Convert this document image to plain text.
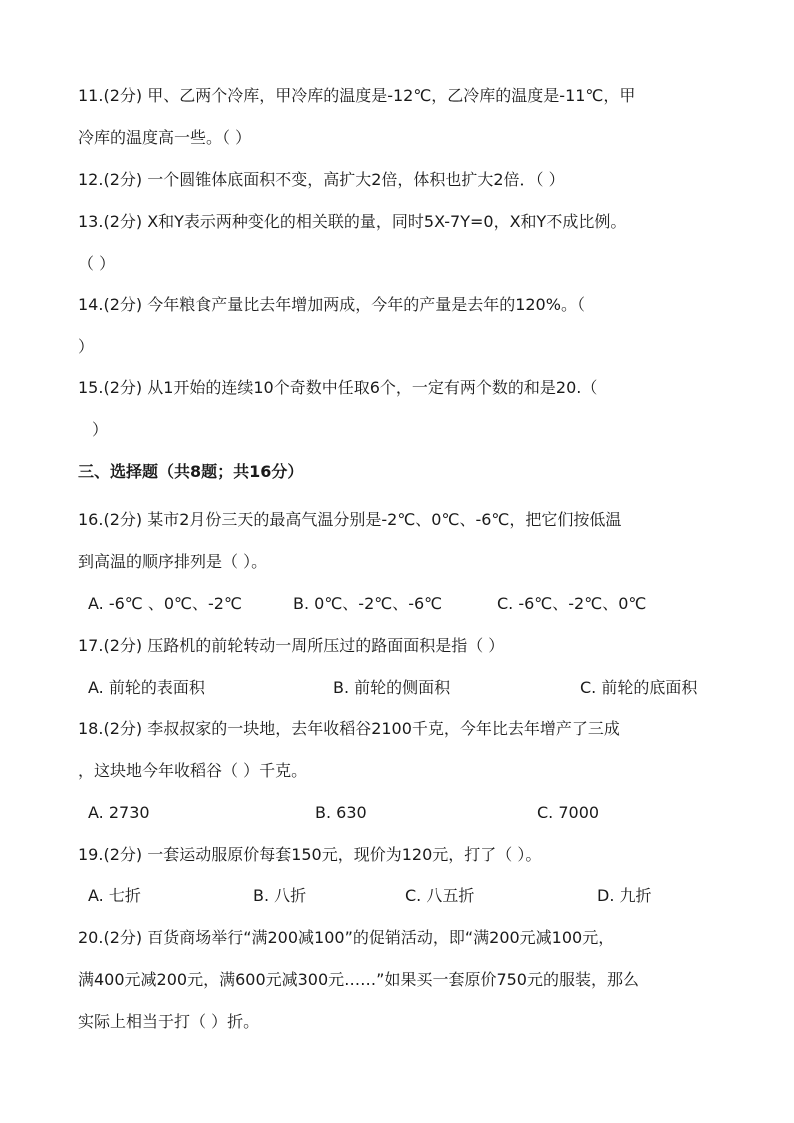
11.(2分) 甲、乙两个冷库，甲冷库的温度是-12℃，乙冷库的温度是-11℃，甲
冷库的温度高一些。（ ）
12.(2分) 一个圆锥体底面积不变，高扩大2倍，体积也扩大2倍．（ ）
13.(2分) X和Y表示两种变化的相关联的量，同时5X-7Y=0，X和Y不成比例。
（ ）
14.(2分) 今年粮食产量比去年增加两成，今年的产量是去年的120%。（
）
15.(2分) 从1开始的连续10个奇数中任取6个，一定有两个数的和是20.（
）
三、选择题（共8题；共16分）
16.(2分) 某市2月份三天的最高气温分别是-2℃、0℃、-6℃，把它们按低温
到高温的顺序排列是（ ）。
A. -6℃ 、0℃、-2℃	B. 0℃、-2℃、-6℃	C. -6℃、-2℃、0℃
17.(2分) 压路机的前轮转动一周所压过的路面面积是指（ ）
A. 前轮的表面积	B. 前轮的侧面积	C. 前轮的底面积
18.(2分) 李叔叔家的一块地，去年收稻谷2100千克，今年比去年增产了三成
，这块地今年收稻谷（ ）千克。
A. 2730	B. 630	C. 7000
19.(2分) 一套运动服原价每套150元，现价为120元，打了（ ）。
A. 七折	B. 八折	C. 八五折	D. 九折
20.(2分) 百货商场举行“满200减100”的促销活动，即“满200元减100元，
满400元减200元，满600元减300元……”如果买一套原价750元的服装，那么
实际上相当于打（ ）折。
